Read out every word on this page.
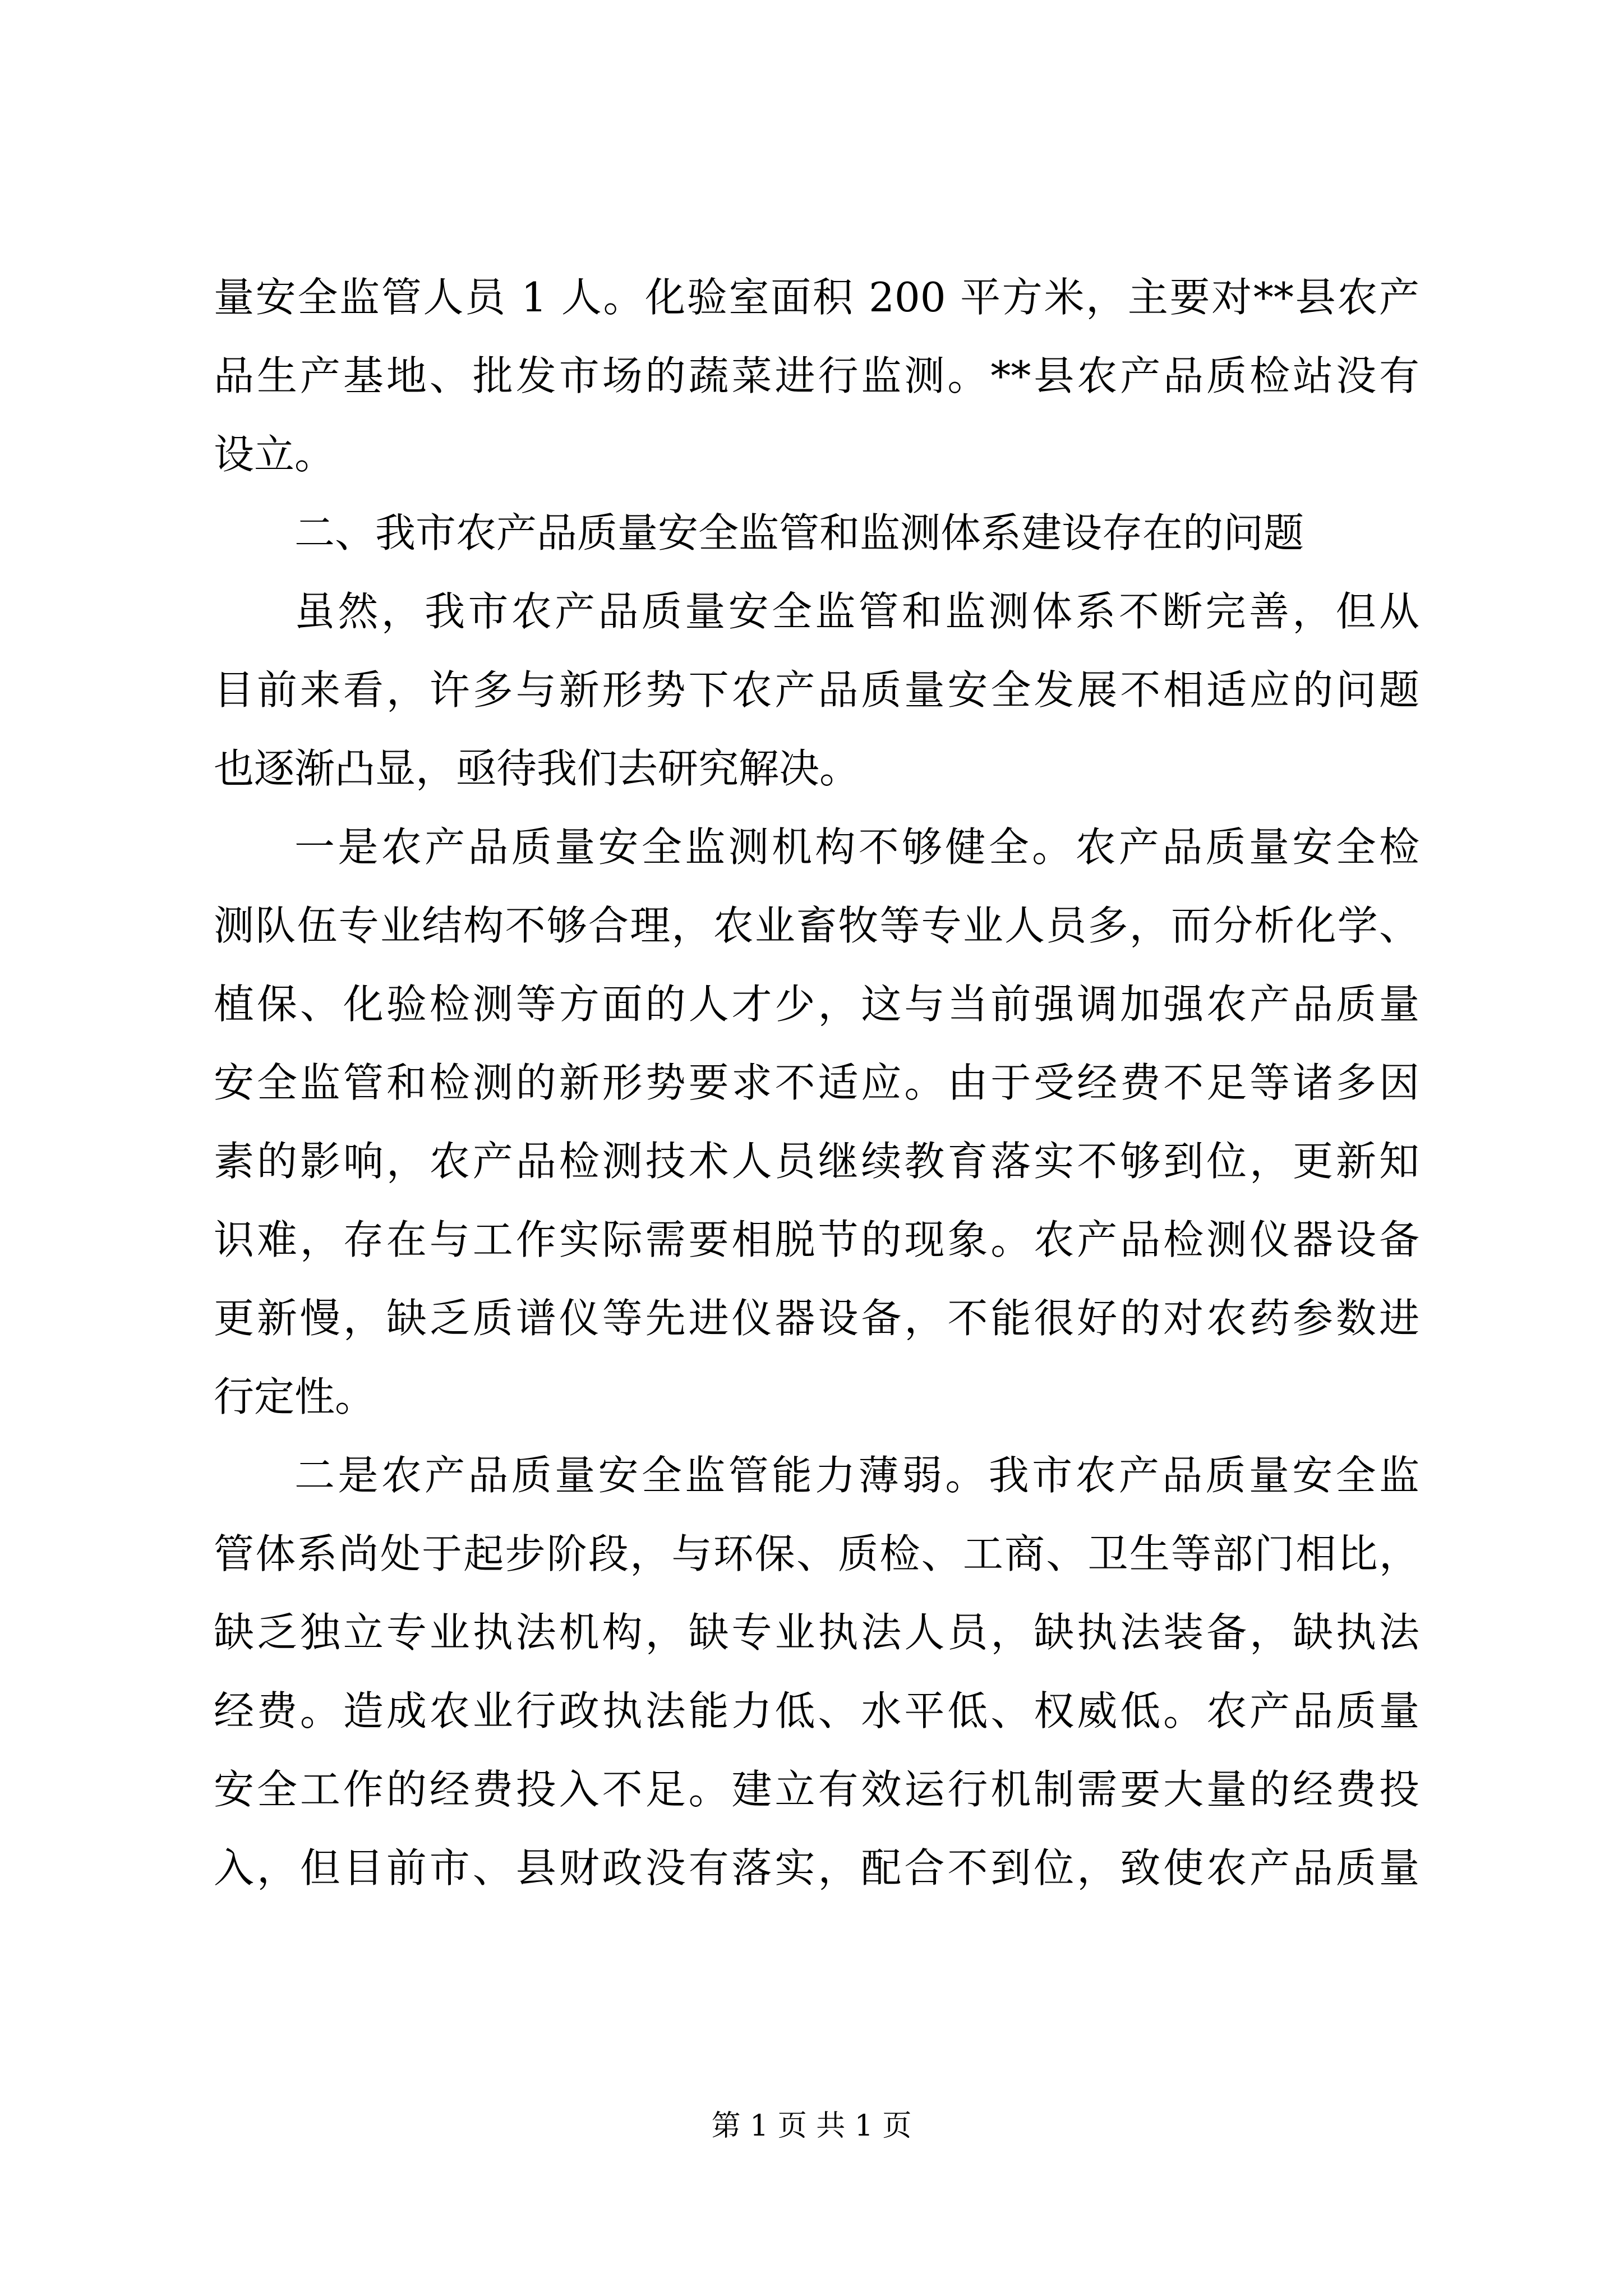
量安全监管人员 1 人。化验室面积 200 平方米，主要对**县农产
品生产基地、批发市场的蔬菜进行监测。**县农产品质检站没有
设立。
二、我市农产品质量安全监管和监测体系建设存在的问题
虽然，我市农产品质量安全监管和监测体系不断完善，但从
目前来看，许多与新形势下农产品质量安全发展不相适应的问题
也逐渐凸显，亟待我们去研究解决。
一是农产品质量安全监测机构不够健全。农产品质量安全检
测队伍专业结构不够合理，农业畜牧等专业人员多，而分析化学、
植保、化验检测等方面的人才少，这与当前强调加强农产品质量
安全监管和检测的新形势要求不适应。由于受经费不足等诸多因
素的影响，农产品检测技术人员继续教育落实不够到位，更新知
识难，存在与工作实际需要相脱节的现象。农产品检测仪器设备
更新慢，缺乏质谱仪等先进仪器设备，不能很好的对农药参数进
行定性。
二是农产品质量安全监管能力薄弱。我市农产品质量安全监
管体系尚处于起步阶段，与环保、质检、工商、卫生等部门相比，
缺乏独立专业执法机构，缺专业执法人员，缺执法装备，缺执法
经费。造成农业行政执法能力低、水平低、权威低。农产品质量
安全工作的经费投入不足。建立有效运行机制需要大量的经费投
入，但目前市、县财政没有落实，配合不到位，致使农产品质量
第 1 页 共 1 页
